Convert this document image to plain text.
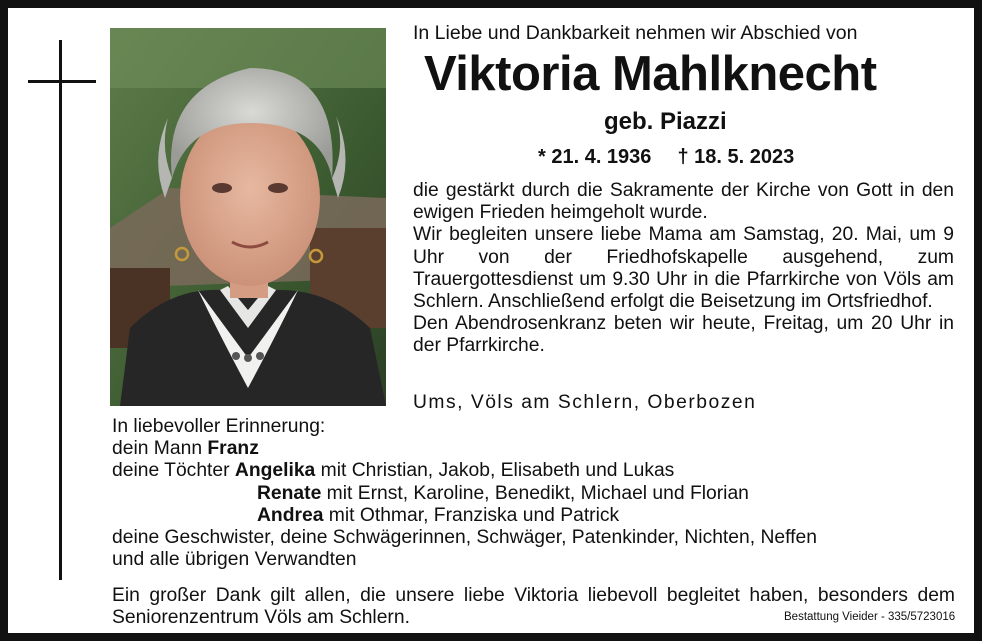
In Liebe und Dankbarkeit nehmen wir Abschied von
Viktoria Mahlknecht
geb. Piazzi
* 21. 4. 1936 † 18. 5. 2023

die gestärkt durch die Sakramente der Kirche von Gott in den ewigen Frieden heimgeholt wurde.

Wir begleiten unsere liebe Mama am Samstag, 20. Mai, um 9 Uhr von der Friedhofskapelle ausgehend, zum Trauergottesdienst um 9.30 Uhr in die Pfarrkirche von Völs am Schlern. Anschließend erfolgt die Beisetzung im Ortsfriedhof.

Den Abendrosenkranz beten wir heute, Freitag, um 20 Uhr in der Pfarrkirche.

Ums, Völs am Schlern, Oberbozen
In liebevoller Erinnerung:
dein Mann Franz
deine Töchter Angelika mit Christian, Jakob, Elisabeth und Lukas
Renate mit Ernst, Karoline, Benedikt, Michael und Florian
Andrea mit Othmar, Franziska und Patrick
deine Geschwister, deine Schwägerinnen, Schwäger, Patenkinder, Nichten, Neffen
und alle übrigen Verwandten
Ein großer Dank gilt allen, die unsere liebe Viktoria liebevoll begleitet haben, besonders dem Seniorenzentrum Völs am Schlern.	Bestattung Vieider - 335/5723016
